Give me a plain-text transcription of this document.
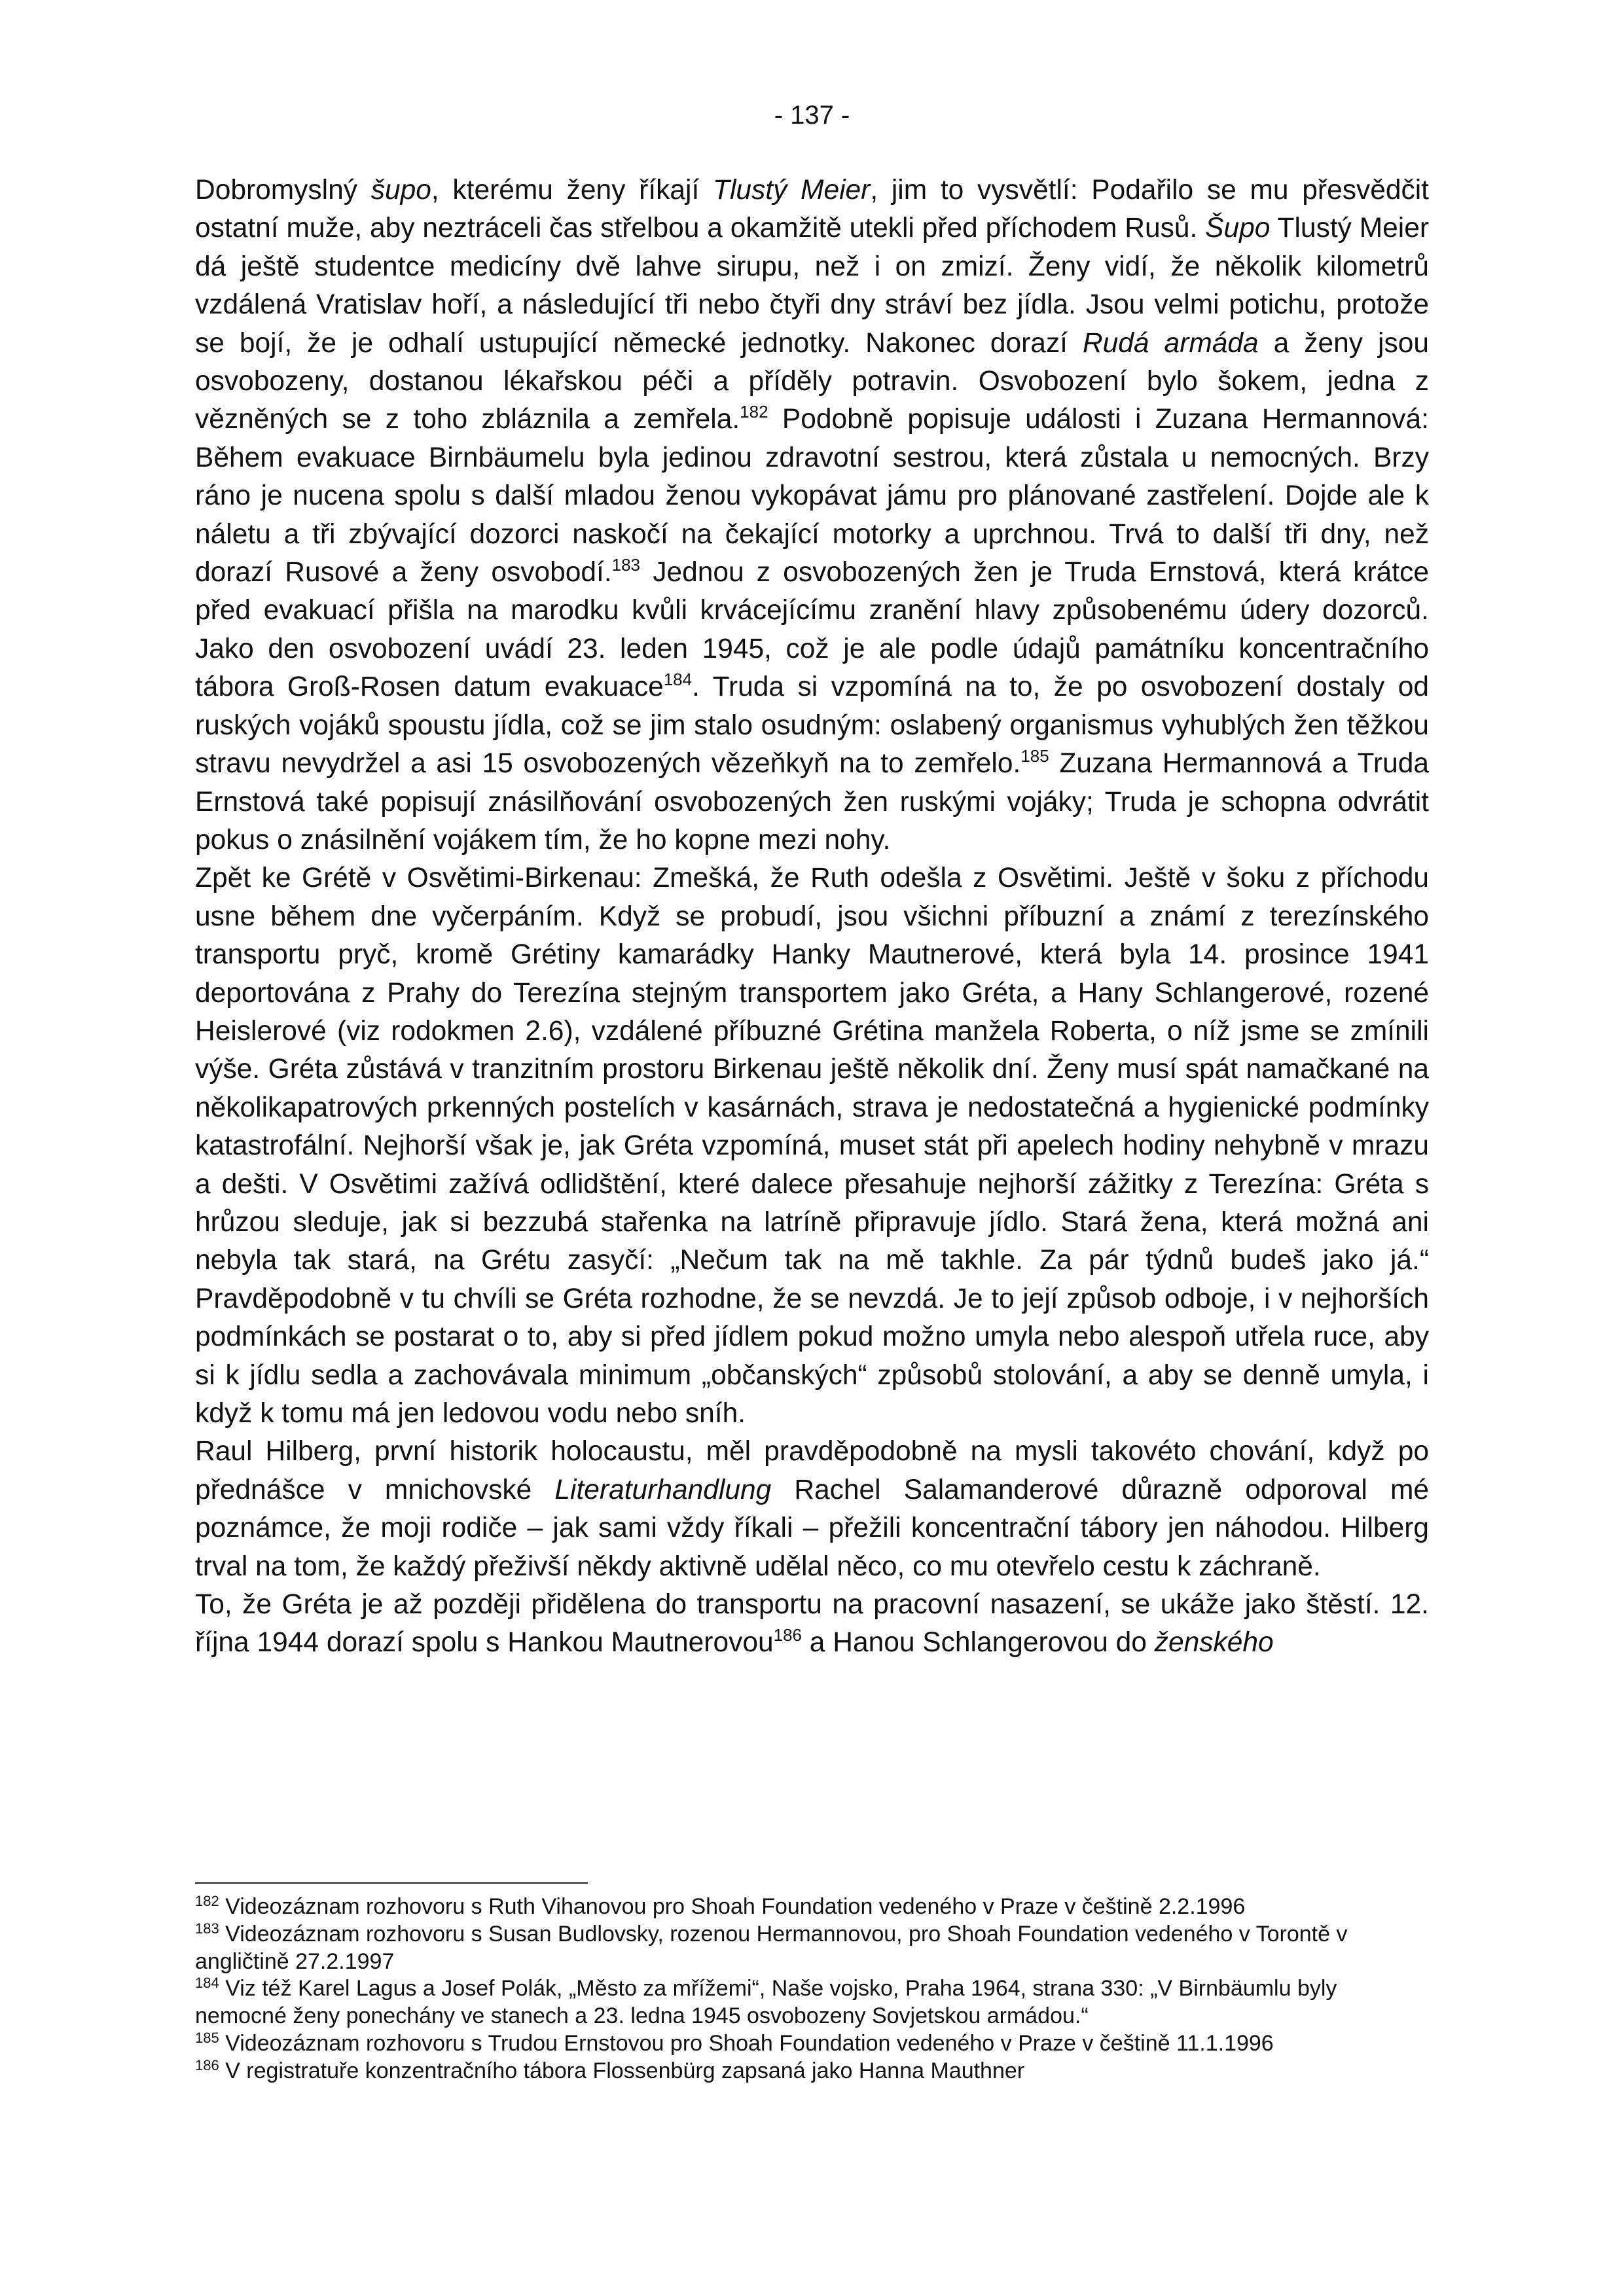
- 137 -

Dobromyslný šupo, kterému ženy říkají Tlustý Meier, jim to vysvětlí: Podařilo se mu přesvědčit ostatní muže, aby neztráceli čas střelbou a okamžitě utekli před příchodem Rusů. Šupo Tlustý Meier dá ještě studentce medicíny dvě lahve sirupu, než i on zmizí. Ženy vidí, že několik kilometrů vzdálená Vratislav hoří, a následující tři nebo čtyři dny stráví bez jídla. Jsou velmi potichu, protože se bojí, že je odhalí ustupující německé jednotky. Nakonec dorazí Rudá armáda a ženy jsou osvobozeny, dostanou lékařskou péči a příděly potravin. Osvobození bylo šokem, jedna z vězněných se z toho zbláznila a zemřela.$^{182}$ Podobně popisuje události i Zuzana Hermannová: Během evakuace Birnbäumelu byla jedinou zdravotní sestrou, která zůstala u nemocných. Brzy ráno je nucena spolu s další mladou ženou vykopávat jámu pro plánované zastřelení. Dojde ale k náletu a tři zbývající dozorci naskočí na čekající motorky a uprchnou. Trvá to další tři dny, než dorazí Rusové a ženy osvobodí.$^{183}$ Jednou z osvobozených žen je Truda Ernstová, která krátce před evakuací přišla na marodku kvůli krvácejícímu zranění hlavy způsobenému údery dozorců. Jako den osvobození uvádí 23. leden 1945, což je ale podle údajů památníku koncentračního tábora Groß-Rosen datum evakuace$^{184}$. Truda si vzpomíná na to, že po osvobození dostaly od ruských vojáků spoustu jídla, což se jim stalo osudným: oslabený organismus vyhublých žen těžkou stravu nevydržel a asi 15 osvobozených vězeňkyň na to zemřelo.$^{185}$ Zuzana Hermannová a Truda Ernstová také popisují znásilňování osvobozených žen ruskými vojáky; Truda je schopna odvrátit pokus o znásilnění vojákem tím, že ho kopne mezi nohy.

Zpět ke Grétě v Osvětimi-Birkenau: Zmešká, že Ruth odešla z Osvětimi. Ještě v šoku z příchodu usne během dne vyčerpáním. Když se probudí, jsou všichni příbuzní a známí z terezínského transportu pryč, kromě Grétiny kamarádky Hanky Mautnerové, která byla 14. prosince 1941 deportována z Prahy do Terezína stejným transportem jako Gréta, a Hany Schlangerové, rozené Heislerové (viz rodokmen 2.6), vzdálené příbuzné Grétina manžela Roberta, o níž jsme se zmínili výše. Gréta zůstává v tranzitním prostoru Birkenau ještě několik dní. Ženy musí spát namačkané na několikapatrových prkenných postelích v kasárnách, strava je nedostatečná a hygienické podmínky katastrofální. Nejhorší však je, jak Gréta vzpomíná, muset stát při apelech hodiny nehybně v mrazu a dešti. V Osvětimi zažívá odlidštění, které dalece přesahuje nejhorší zážitky z Terezína: Gréta s hrůzou sleduje, jak si bezzubá stařenka na latríně připravuje jídlo. Stará žena, která možná ani nebyla tak stará, na Grétu zasyčí: „Nečum tak na mě takhle. Za pár týdnů budeš jako já.“ Pravděpodobně v tu chvíli se Gréta rozhodne, že se nevzdá. Je to její způsob odboje, i v nejhorších podmínkách se postarat o to, aby si před jídlem pokud možno umyla nebo alespoň utřela ruce, aby si k jídlu sedla a zachovávala minimum „občanských“ způsobů stolování, a aby se denně umyla, i když k tomu má jen ledovou vodu nebo sníh.

Raul Hilberg, první historik holocaustu, měl pravděpodobně na mysli takovéto chování, když po přednášce v mnichovské Literaturhandlung Rachel Salamanderové důrazně odporoval mé poznámce, že moji rodiče – jak sami vždy říkali – přežili koncentrační tábory jen náhodou. Hilberg trval na tom, že každý přeživší někdy aktivně udělal něco, co mu otevřelo cestu k záchraně.

To, že Gréta je až později přidělena do transportu na pracovní nasazení, se ukáže jako štěstí. 12. října 1944 dorazí spolu s Hankou Mautnerovou$^{186}$ a Hanou Schlangerovou do ženského

$^{182}$ Videozáznam rozhovoru s Ruth Vihanovou pro Shoah Foundation vedeného v Praze v češtině 2.2.1996

$^{183}$ Videozáznam rozhovoru s Susan Budlovsky, rozenou Hermannovou, pro Shoah Foundation vedeného v Torontě v angličtině 27.2.1997

$^{184}$ Viz též Karel Lagus a Josef Polák, „Město za mřížemi“, Naše vojsko, Praha 1964, strana 330: „V Birnbäumlu byly nemocné ženy ponechány ve stanech a 23. ledna 1945 osvobozeny Sovjetskou armádou.“

$^{185}$ Videozáznam rozhovoru s Trudou Ernstovou pro Shoah Foundation vedeného v Praze v češtině 11.1.1996

$^{186}$ V registratuře konzentračního tábora Flossenbürg zapsaná jako Hanna Mauthner
